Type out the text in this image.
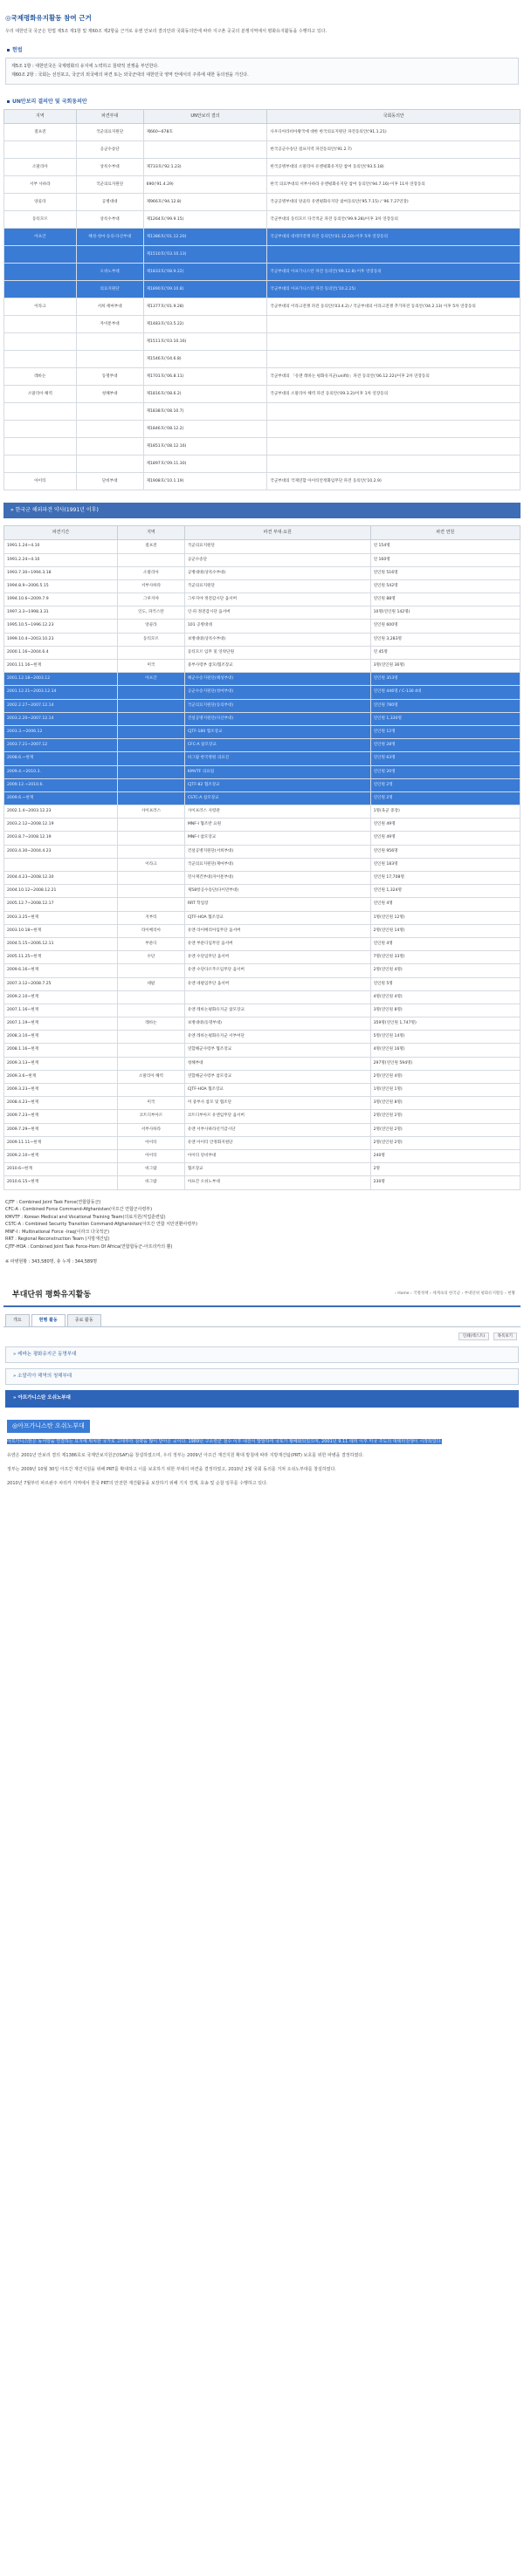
◎국제평화유지활동 참여 근거
우리 대한민국 국군은 헌법 제5조 제1항 및 제60조 제2항을 근거로 유엔 안보리 결의안과 국회동의안에 따라 지구촌 곳곳의 분쟁지역에서 평화유지활동을 수행하고 있다.
헌법
제5조 1항 : 대한민국은 국제평화의 유지에 노력하고 침략적 전쟁을 부인한다.
제60조 2항 : 국회는 선전포고, 국군의 외국에의 파견 또는 외국군대의 대한민국 영역 안에서의 주류에 대한 동의권을 가진다.
UN안보리 결의안 및 국회동의안
지역	파견부대	UN안보리 결의	국회동의안
걸프전	국군의료지원단	제660~678호	사우디아라비아왕국에 대한 한국의료지원단 파견동의안('91.1.21)
	공군수송단		한국공군수송단 걸프지역 파견동의안('91.2.7)
소말리아	상록수부대	제733호('92.1.23)	한국공병부대의 소말리아 유엔평화유지단 참여 동의안('93.5.18)
서부 사하라	국군의료지원단	690('91.4.29)	한국 의료부대의 서부사하라 유엔평화유지단 참여 동의안('94.7.16)·이후 11차 연장동의
앙골라	공병대대	제966호('94.12.8)	국군공병부대의 앙골라 유엔평화유지단 참여동의안('95.7.15) / '96.7.27연장)
동티모르	상록수부대	제1264호('99.9.15)	국군부대의 동티모르 다국적군 파견 동의안('99.9.28)/이후 3차 연장동의
아프간	해성·청마·동의·다산부대	제1386호('01.12.20)	국군부대의 대테러전쟁 파견 동의안('01.12.10)·이후 5차 연장동의
		제1510호('03.10.13)	
	오쉬노부대	제1833호('08.9.22)	국군부대의 아프가니스탄 파견 동의안('09.12.8)·이후 연장동의
	의료지원단	제1890호('09.10.8)	국군부대의 아프가니스탄 파견 동의안('10.2.25)
이라크	서희·제마부대	제1377호('01.9.28)	국군부대의 이라크전쟁 파견 동의안('03.4.2) / 국군부대의 이라크전쟁 추가파견 동의안('04.2.13) 이후 5차 연장동의
	자이툰부대	제1483호('03.5.22)	
		제1511호('03.10.16)	
		제1546호('04.6.8)	
레바논	동명부대	제1701호('06.8.11)	국군부대의 「유엔 레바논 평화유지군(unifil)」파견 동의안('06.12.22)/이후 2차 연장동의
소말리아 해역	청해부대	제1816호('08.6.2)	국군부대의 소말리아 해역 파견 동의안('09.3.2)/이후 1차 연장동의
		제1838호('08.10.7)	
		제1846호('08.12.2)	
		제1851호('08.12.16)	
		제1897호('09.11.30)	
아이티	단비부대	제1908호('10.1.19)	국군부대의 국제연합 아이티안정화임무단 파견 동의안('10.2.9)
» 한국군 해외파견 약사(1991년 이후)
파견기간	지역	파견 부대·요원	파견 연원
1991.1.24~4.10	걸프전	국군의료지원단	연 154명
1991.2.24~4.10		공군수송단	연 160명
1993.7.30~1994.3.18	소말리아	공병대대(상록수부대)	연인원 516명
1994.8.9~2006.5.15	서부사하라	국군의료지원단	연인원 542명
1994.10.6~2009.7.9	그루지야	그루지야 정전감시단 옵서버	연인원 88명
1997.3.3~1998.3.31	인도, 파키스탄	인·파 정전감시단 옵서버	10명(연인원 142명)
1995.10.5~1996.12.23	앙골라	101 공병대대	연인원 600명
1999.10.4~2003.10.23	동티모르	보병대대(상록수부대)	연인원 3,283명
2000.1.16~2004.6.4		동티모르 임무 및 연락단원	연 45명
2001.11.16~현재	미국	중부사령부 참모/협조장교	3명(연인원 36명)
2001.12.18~2003.12	아프간	해군수송지원단(해성부대)	연인원 353명
2001.12.21~2003.12.14		공군수송지원단(청마부대)	연인원 446명 / C-130 4대
2002.2.27~2007.12.14		국군의료지원단(동의부대)	연인원 780명
2003.2.20~2007.12.14		건설공병지원단(다산부대)	연인원 1,330명
2003.3.~2006.12		CJTF-180 협조장교	연인원 12명
2003.7.21~2007.12		CFC-A 참모장교	연인원 28명
2008.6.~현재		바그람 한국병원 의료진	연인원 63명
2009.4.~2010.3.		KMVTF 의료팀	연인원 20명
2009.12.~2010.6.		CJTF-82 협조장교	연인원 2명
2009.6.~현재		CSTC-A 참모장교	연인원 2명
2002.1.4~2003.12.23	사이프러스	사이프러스 사령관	1명(육군 중장)
2003.2.12~2008.12.19		MNF-I 협조반 요원	연인원 49명
2003.8.7~2008.12.19		MNF-I 참모장교	연인원 49명
2003.4.30~2004.4.23		건설공병지원단(서희부대)	연인원 956명
	이라크	국군의료지원단(제마부대)	연인원 183명
2004.4.23~2008.12.30		민사재건부대(자이툰부대)	연인원 17,708명
2004.10.12~2008.12.21		제58항공수송단(다이만부대)	연인원 1,324명
2005.12.7~2008.12.17		RRT 학업장	연인원 4명
2003.3.25~현재	지부티	CJTF-HOA 협조장교	1명(연인원 12명)
2003.10.18~현재	라이베리아	유엔 라이베리아임무단 옵서버	2명(연인원 14명)
2004.5.15~2006.12.11	부룬디	유엔 부룬디임무단 옵서버	연인원 4명
2005.11.25~현재	수단	유엔 수단임무단 옵서버	7명(연인원 33명)
2009.6.16~현재		유엔 수단다르푸르임무단 옵서버	2명(연인원 4명)
2007.3.12~2008.7.25	네팔	유엔 네팔임무단 옵서버	연인원 5명
2009.2.10~현재			4명(연인원 4명)
2007.1.16~현재		유엔 레바논평화유지군 참모장교	3명(연인원 8명)
2007.1.19~현재	레바논	보병대대(동명부대)	359명(연인원 1,747명)
2008.3.10~현재		유엔 레바논평화유지군 서부여단	5명(연인원 14명)
2008.1.16~현재		연합해군사령부 협조장교	4명(연인원 16명)
2009.3.13~현재		청해부대	297명(연인원 594명)
2009.3.6~현재	소말리아 해역	연합해군사령부 참모장교	2명(연인원 4명)
2009.3.23~현재		CJTF-HOA 협조장교	1명(연인원 1명)
2008.4.23~현재	미국	미 중부사 참모 및 협조단	3명(연인원 8명)
2009.7.23~현재	코트디부아르	코트디부아르 유엔임무단 옵서버	2명(연인원 2명)
2009.7.29~현재	서부사하라	유엔 서부사하라선거감시단	2명(연인원 2명)
2009.11.11~현재	아이티	유엔 아이티 안정화지원단	2명(연인원 2명)
2009.2.10~현재	아이티	아이티 단비부대	240명
2010.6~현재	바그람	협조장교	2명
2010.6.15~현재	바그람	아프간 오쉬노부대	230명
CJTF : Combined Joint Task Force(연합합동군)
CFC-A : Combined Force Command-Afghanistan(아프간 연합군사령부)
KMVTF : Korean Medical and Vocational Training Team(의료지원/직업훈련팀)
CSTC-A : Combined Security Transition Command-Afghanistan(아프간 연합 치안전환사령부)
MNF-I : Multinational Force -Iraq(이라크 다국적군)
RRT : Regional Reconstruction Team (지방재건팀)
CJTF-HOA : Combined Joint Task Force-Horn Of Africa(연합합동군-아프리카의 뿔)
※ 파병현황 : 343,580명, 총 누계 : 344,589명
부대단위 평화유지활동	› Home › 국방정책 › 세계속의 한국군 › 부대단위 평화유지활동 › 현황
개요	현행 활동	종료 활동
인쇄(텍스트)	목록보기
» 레바논 평화유지군 동명부대
» 소말리아 해역의 청해부대
» 아프가니스탄 오쉬노부대
◎아프가니스탄 오쉬노부대

아프가니스탄은 동서양을 연결하는 요지에 위치한 국가로 고대부터 침략을 많이 받아온 곳이다. 1989년 구소련군 철수 이후 내전이 발발하여 국토가 황폐화되었으며, 2001년 9.11 테러 이후 미국 주도의 대테러전쟁이 시작되었다.

유엔은 2001년 안보리 결의 제1386호로 국제안보지원군(ISAF)을 창설하였으며, 우리 정부는 2009년 아프간 재건지원 확대 방침에 따라 지방재건팀(PRT) 보호를 위한 파병을 결정하였다.

정부는 2009년 10월 30일 아프간 재건지원을 위해 PRT를 확대하고 이를 보호하기 위한 부대의 파견을 결정하였고, 2010년 2월 국회 동의를 거쳐 오쉬노부대를 창설하였다.

2010년 7월부터 파르완주 차리카 지역에서 한국 PRT의 안전한 재건활동을 보장하기 위해 기지 경계, 호송 및 순찰 임무를 수행하고 있다.
